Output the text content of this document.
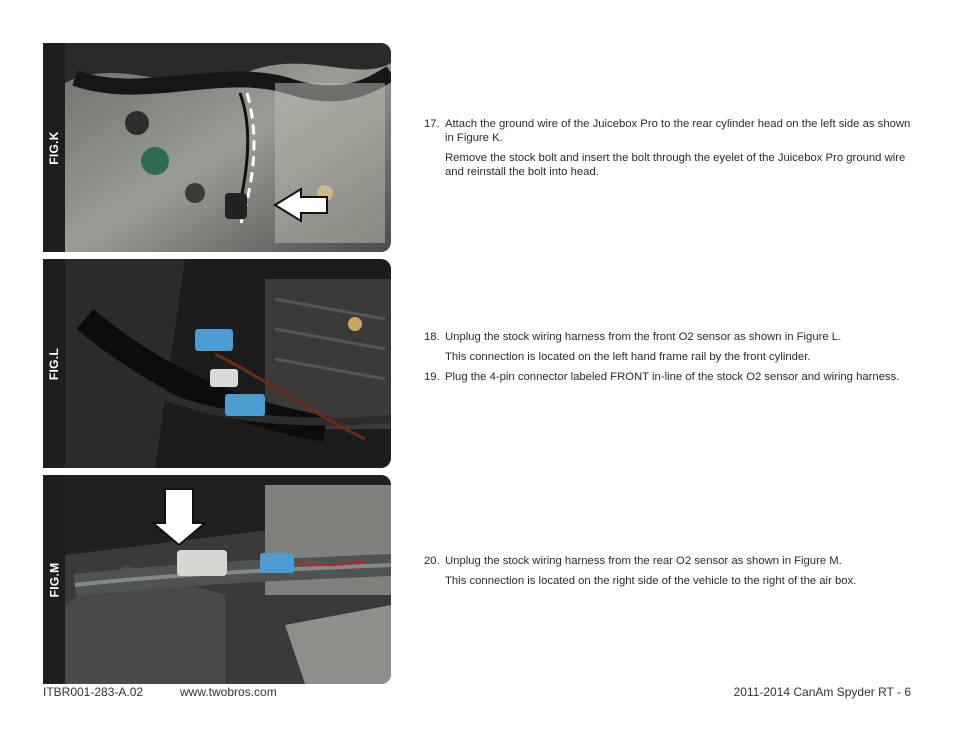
FIG.K
FIG.L
FIG.M
17. Attach the ground wire of the Juicebox Pro to the rear cylinder head on the left side as shown in Figure K.
Remove the stock bolt and insert the bolt through the eyelet of the Juicebox Pro ground wire and reinstall the bolt into head.
18. Unplug the stock wiring harness from the front O2 sensor as shown in Figure L.
This connection is located on the left hand frame rail by the front cylinder.
19. Plug the 4-pin connector labeled FRONT in-line of the stock O2 sensor and wiring harness.
20. Unplug the stock wiring harness from the rear O2 sensor as shown in Figure M.
This connection is located on the right side of the vehicle to the right of the air box.
ITBR001-283-A.02	www.twobros.com	2011-2014 CanAm Spyder RT - 6
